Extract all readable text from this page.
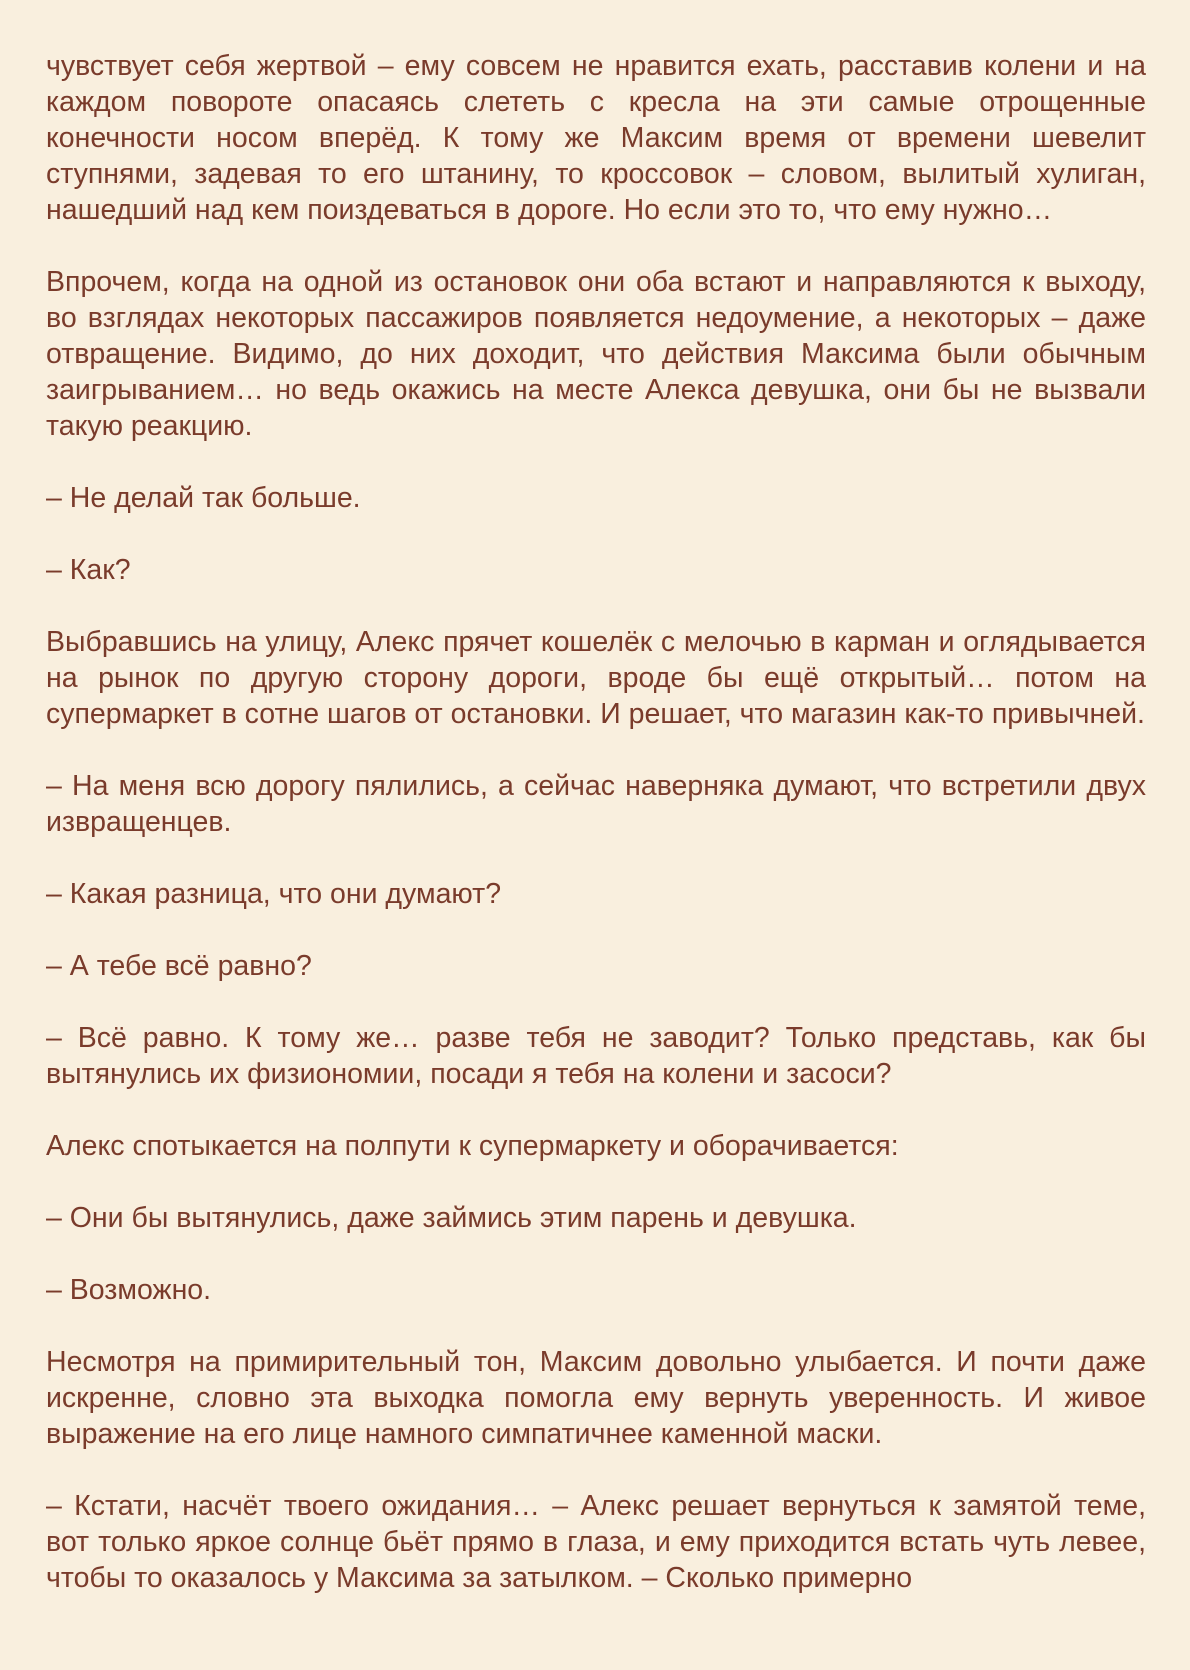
чувствует себя жертвой – ему совсем не нравится ехать, расставив колени и на каждом повороте опасаясь слететь с кресла на эти самые отрощенные конечности носом вперёд. К тому же Максим время от времени шевелит ступнями, задевая то его штанину, то кроссовок – словом, вылитый хулиган, нашедший над кем поиздеваться в дороге. Но если это то, что ему нужно…

Впрочем, когда на одной из остановок они оба встают и направляются к выходу, во взглядах некоторых пассажиров появляется недоумение, а некоторых – даже отвращение. Видимо, до них доходит, что действия Максима были обычным заигрыванием… но ведь окажись на месте Алекса девушка, они бы не вызвали такую реакцию.

– Не делай так больше.

– Как?

Выбравшись на улицу, Алекс прячет кошелёк с мелочью в карман и оглядывается на рынок по другую сторону дороги, вроде бы ещё открытый… потом на супермаркет в сотне шагов от остановки. И решает, что магазин как-то привычней.

– На меня всю дорогу пялились, а сейчас наверняка думают, что встретили двух извращенцев.

– Какая разница, что они думают?

– А тебе всё равно?

– Всё равно. К тому же… разве тебя не заводит? Только представь, как бы вытянулись их физиономии, посади я тебя на колени и засоси?

Алекс спотыкается на полпути к супермаркету и оборачивается:

– Они бы вытянулись, даже займись этим парень и девушка.

– Возможно.

Несмотря на примирительный тон, Максим довольно улыбается. И почти даже искренне, словно эта выходка помогла ему вернуть уверенность. И живое выражение на его лице намного симпатичнее каменной маски.

– Кстати, насчёт твоего ожидания… – Алекс решает вернуться к замятой теме, вот только яркое солнце бьёт прямо в глаза, и ему приходится встать чуть левее, чтобы то оказалось у Максима за затылком. – Сколько примерно
